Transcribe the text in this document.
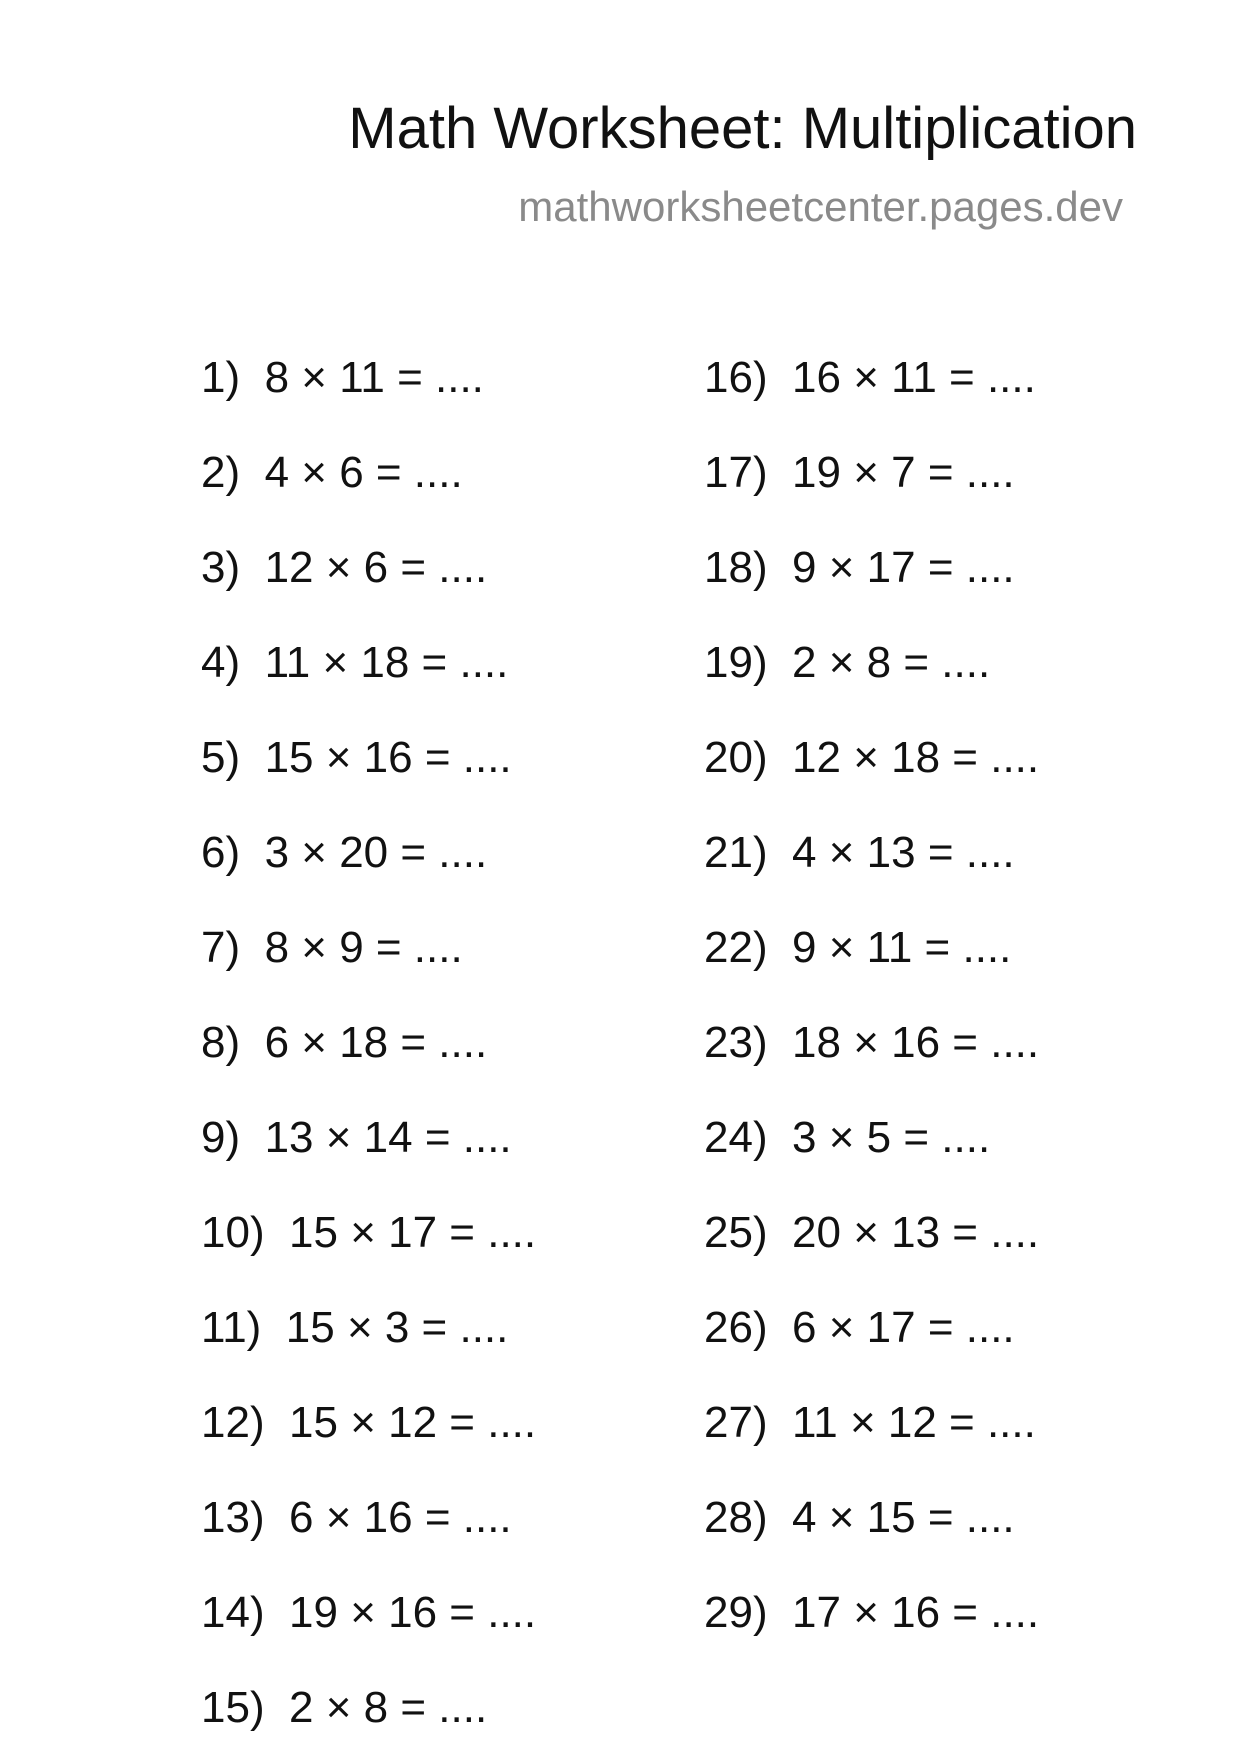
Math Worksheet: Multiplication
mathworksheetcenter.pages.dev
1)  8 × 11 = ....
2)  4 × 6 = ....
3)  12 × 6 = ....
4)  11 × 18 = ....
5)  15 × 16 = ....
6)  3 × 20 = ....
7)  8 × 9 = ....
8)  6 × 18 = ....
9)  13 × 14 = ....
10)  15 × 17 = ....
11)  15 × 3 = ....
12)  15 × 12 = ....
13)  6 × 16 = ....
14)  19 × 16 = ....
15)  2 × 8 = ....
16)  16 × 11 = ....
17)  19 × 7 = ....
18)  9 × 17 = ....
19)  2 × 8 = ....
20)  12 × 18 = ....
21)  4 × 13 = ....
22)  9 × 11 = ....
23)  18 × 16 = ....
24)  3 × 5 = ....
25)  20 × 13 = ....
26)  6 × 17 = ....
27)  11 × 12 = ....
28)  4 × 15 = ....
29)  17 × 16 = ....
